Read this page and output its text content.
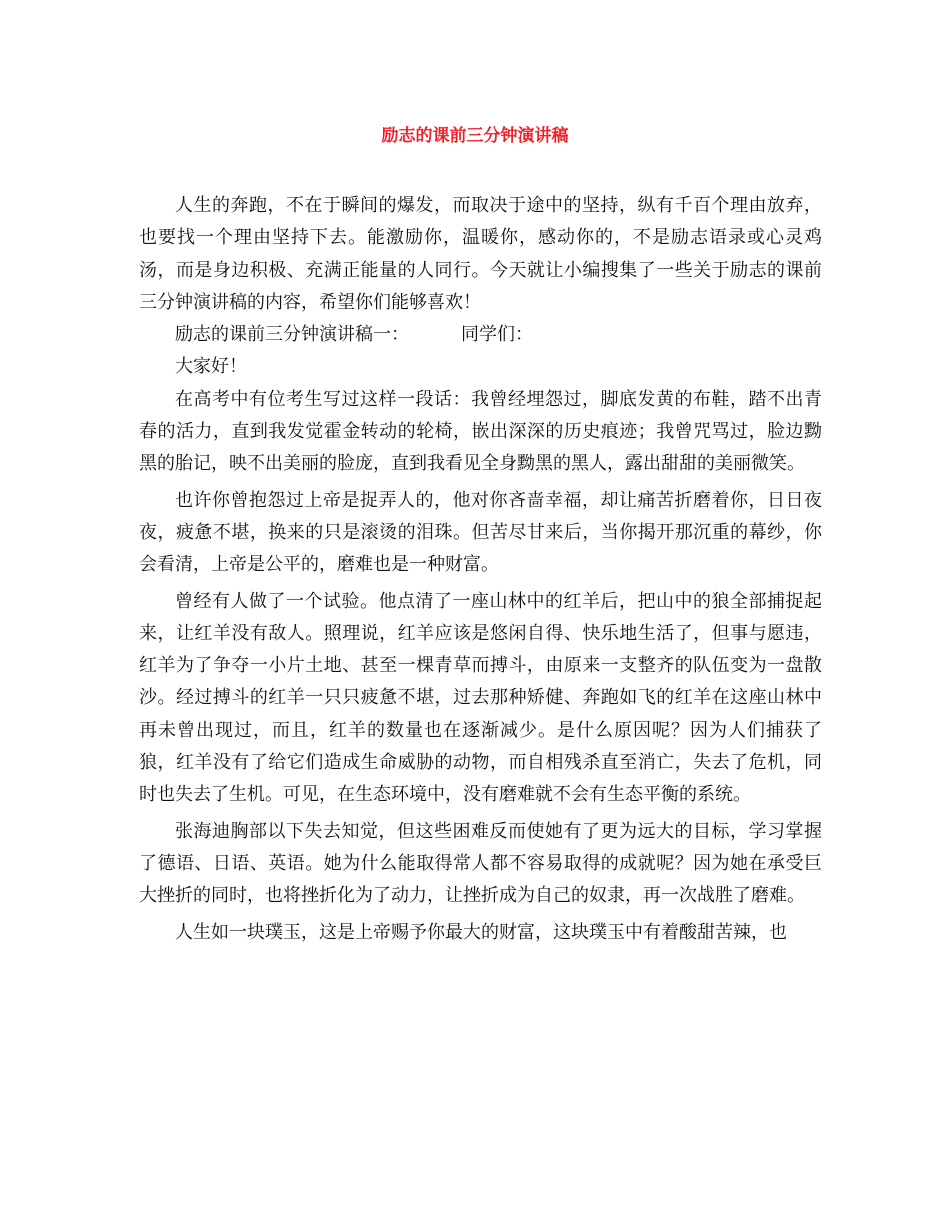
励志的课前三分钟演讲稿

人生的奔跑，不在于瞬间的爆发，而取决于途中的坚持，纵有千百个理由放弃，也要找一个理由坚持下去。能激励你，温暖你，感动你的，不是励志语录或心灵鸡汤，而是身边积极、充满正能量的人同行。今天就让小编搜集了一些关于励志的课前三分钟演讲稿的内容，希望你们能够喜欢！

励志的课前三分钟演讲稿一：	同学们：

大家好！

在高考中有位考生写过这样一段话：我曾经埋怨过，脚底发黄的布鞋，踏不出青春的活力，直到我发觉霍金转动的轮椅，嵌出深深的历史痕迹；我曾咒骂过，脸边黝黑的胎记，映不出美丽的脸庞，直到我看见全身黝黑的黑人，露出甜甜的美丽微笑。

也许你曾抱怨过上帝是捉弄人的，他对你吝啬幸福，却让痛苦折磨着你，日日夜夜，疲惫不堪，换来的只是滚烫的泪珠。但苦尽甘来后，当你揭开那沉重的幕纱，你会看清，上帝是公平的，磨难也是一种财富。

曾经有人做了一个试验。他点清了一座山林中的红羊后，把山中的狼全部捕捉起来，让红羊没有敌人。照理说，红羊应该是悠闲自得、快乐地生活了，但事与愿违，红羊为了争夺一小片土地、甚至一棵青草而搏斗，由原来一支整齐的队伍变为一盘散沙。经过搏斗的红羊一只只疲惫不堪，过去那种矫健、奔跑如飞的红羊在这座山林中再未曾出现过，而且，红羊的数量也在逐渐减少。是什么原因呢？因为人们捕获了狼，红羊没有了给它们造成生命威胁的动物，而自相残杀直至消亡，失去了危机，同时也失去了生机。可见，在生态环境中，没有磨难就不会有生态平衡的系统。

张海迪胸部以下失去知觉，但这些困难反而使她有了更为远大的目标，学习掌握了德语、日语、英语。她为什么能取得常人都不容易取得的成就呢？因为她在承受巨大挫折的同时，也将挫折化为了动力，让挫折成为自己的奴隶，再一次战胜了磨难。

人生如一块璞玉，这是上帝赐予你最大的财富，这块璞玉中有着酸甜苦辣，也
